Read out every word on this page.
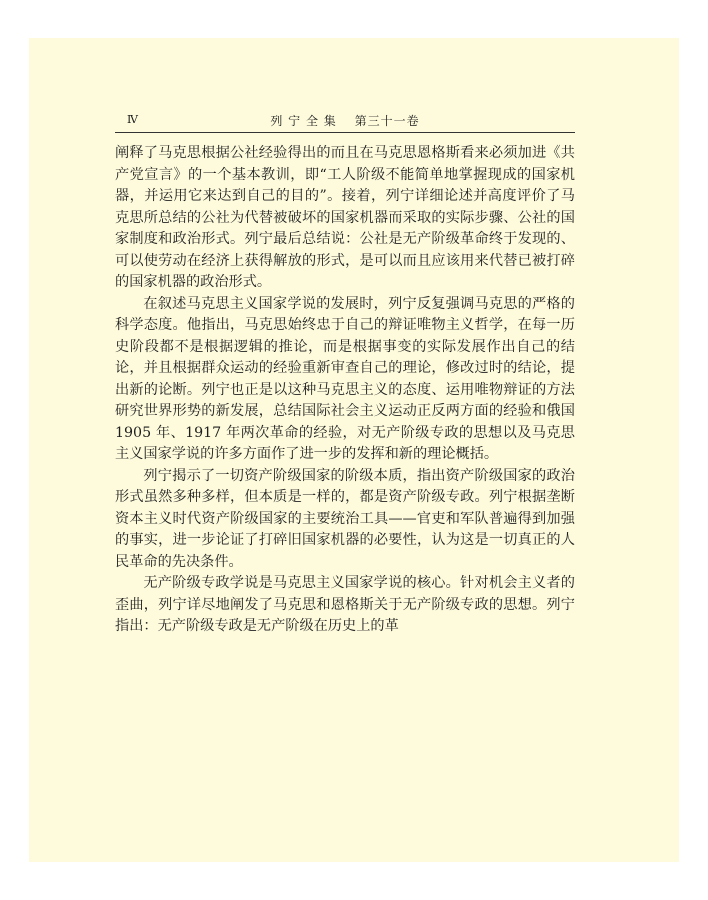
Ⅳ	列 宁 全 集　 第三十一卷

阐释了马克思根据公社经验得出的而且在马克思恩格斯看来必须加进《共产党宣言》的一个基本教训，即“工人阶级不能简单地掌握现成的国家机器，并运用它来达到自己的目的”。接着，列宁详细论述并高度评价了马克思所总结的公社为代替被破坏的国家机器而采取的实际步骤、公社的国家制度和政治形式。列宁最后总结说：公社是无产阶级革命终于发现的、可以使劳动在经济上获得解放的形式，是可以而且应该用来代替已被打碎的国家机器的政治形式。

在叙述马克思主义国家学说的发展时，列宁反复强调马克思的严格的科学态度。他指出，马克思始终忠于自己的辩证唯物主义哲学，在每一历史阶段都不是根据逻辑的推论，而是根据事变的实际发展作出自己的结论，并且根据群众运动的经验重新审查自己的理论，修改过时的结论，提出新的论断。列宁也正是以这种马克思主义的态度、运用唯物辩证的方法研究世界形势的新发展，总结国际社会主义运动正反两方面的经验和俄国 1905 年、1917 年两次革命的经验，对无产阶级专政的思想以及马克思主义国家学说的许多方面作了进一步的发挥和新的理论概括。

列宁揭示了一切资产阶级国家的阶级本质，指出资产阶级国家的政治形式虽然多种多样，但本质是一样的，都是资产阶级专政。列宁根据垄断资本主义时代资产阶级国家的主要统治工具——官吏和军队普遍得到加强的事实，进一步论证了打碎旧国家机器的必要性，认为这是一切真正的人民革命的先决条件。

无产阶级专政学说是马克思主义国家学说的核心。针对机会主义者的歪曲，列宁详尽地阐发了马克思和恩格斯关于无产阶级专政的思想。列宁指出：无产阶级专政是无产阶级在历史上的革
